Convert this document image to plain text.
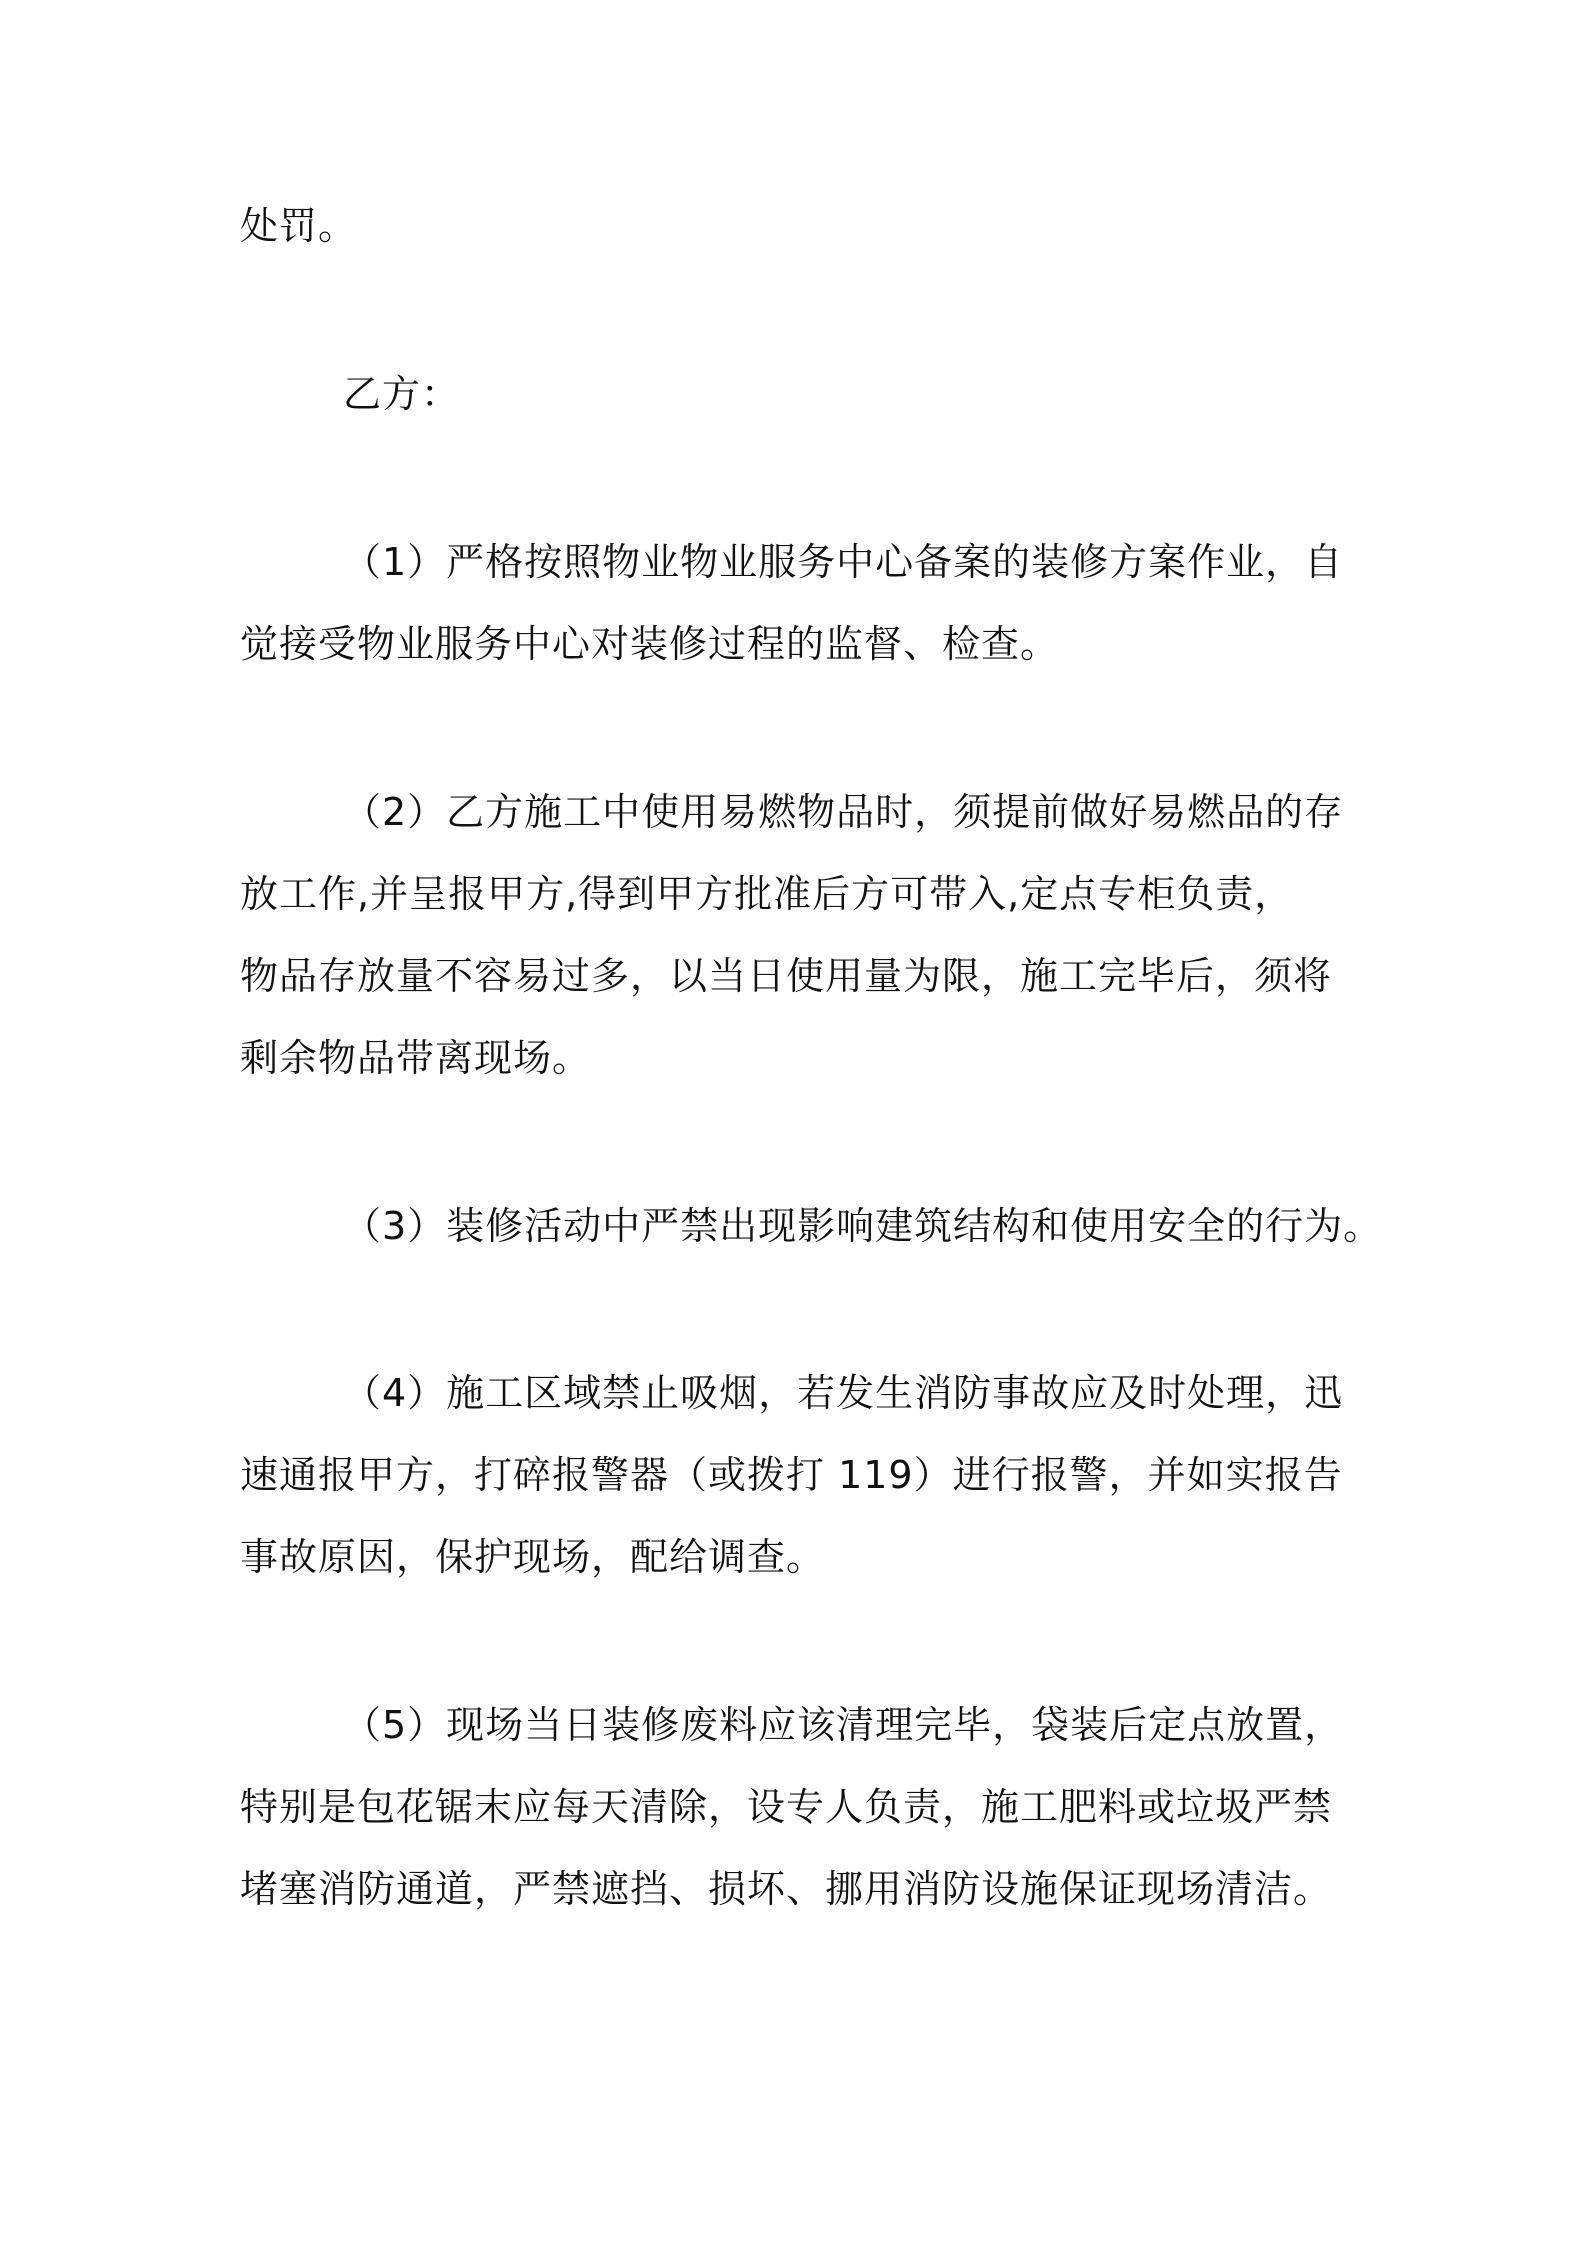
处罚。
乙方：
（1）严格按照物业物业服务中心备案的装修方案作业，自
觉接受物业服务中心对装修过程的监督、检查。
（2）乙方施工中使用易燃物品时，须提前做好易燃品的存
放工作,并呈报甲方,得到甲方批准后方可带入,定点专柜负责，
物品存放量不容易过多，以当日使用量为限，施工完毕后，须将
剩余物品带离现场。
（3）装修活动中严禁出现影响建筑结构和使用安全的行为。
（4）施工区域禁止吸烟，若发生消防事故应及时处理，迅
速通报甲方，打碎报警器（或拨打 119）进行报警，并如实报告
事故原因，保护现场，配给调查。
（5）现场当日装修废料应该清理完毕，袋装后定点放置，
特别是包花锯末应每天清除，设专人负责，施工肥料或垃圾严禁
堵塞消防通道，严禁遮挡、损坏、挪用消防设施保证现场清洁。
